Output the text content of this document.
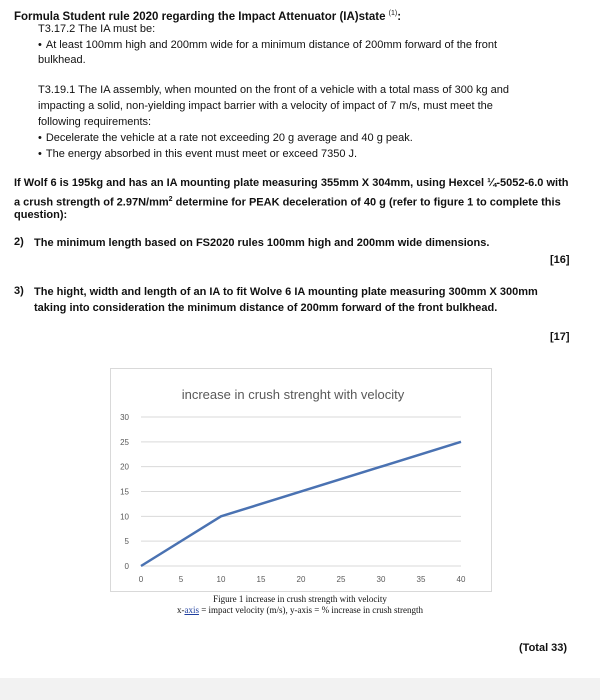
Formula Student rule 2020 regarding the Impact Attenuator (IA)state $^{(1)}$:
T3.17.2 The IA must be:
• At least 100mm high and 200mm wide for a minimum distance of 200mm forward of the front
bulkhead.
T3.19.1 The IA assembly, when mounted on the front of a vehicle with a total mass of 300 kg and
impacting a solid, non-yielding impact barrier with a velocity of impact of 7 m/s, must meet the
following requirements:
• Decelerate the vehicle at a rate not exceeding 20 g average and 40 g peak.
• The energy absorbed in this event must meet or exceed 7350 J.
If Wolf 6 is 195kg and has an IA mounting plate measuring 355mm X 304mm, using Hexcel ¼-5052-6.0 with
a crush strength of $2.97N/mm^2$ determine for PEAK deceleration of 40 g (refer to figure 1 to complete this
question):
2) The minimum length based on FS2020 rules 100mm high and 200mm wide dimensions.
[16]
3) The hight, width and length of an IA to fit Wolve 6 IA mounting plate measuring 300mm X 300mm
taking into consideration the minimum distance of 200mm forward of the front bulkhead.
[17]
increase in crush strenght with velocity
0
5
10
15
20
25
30
0	5	10	15	20	25	30	35	40
Figure 1 increase in crush strength with velocity
x-axis = impact velocity (m/s), y-axis = % increase in crush strength
(Total 33)
